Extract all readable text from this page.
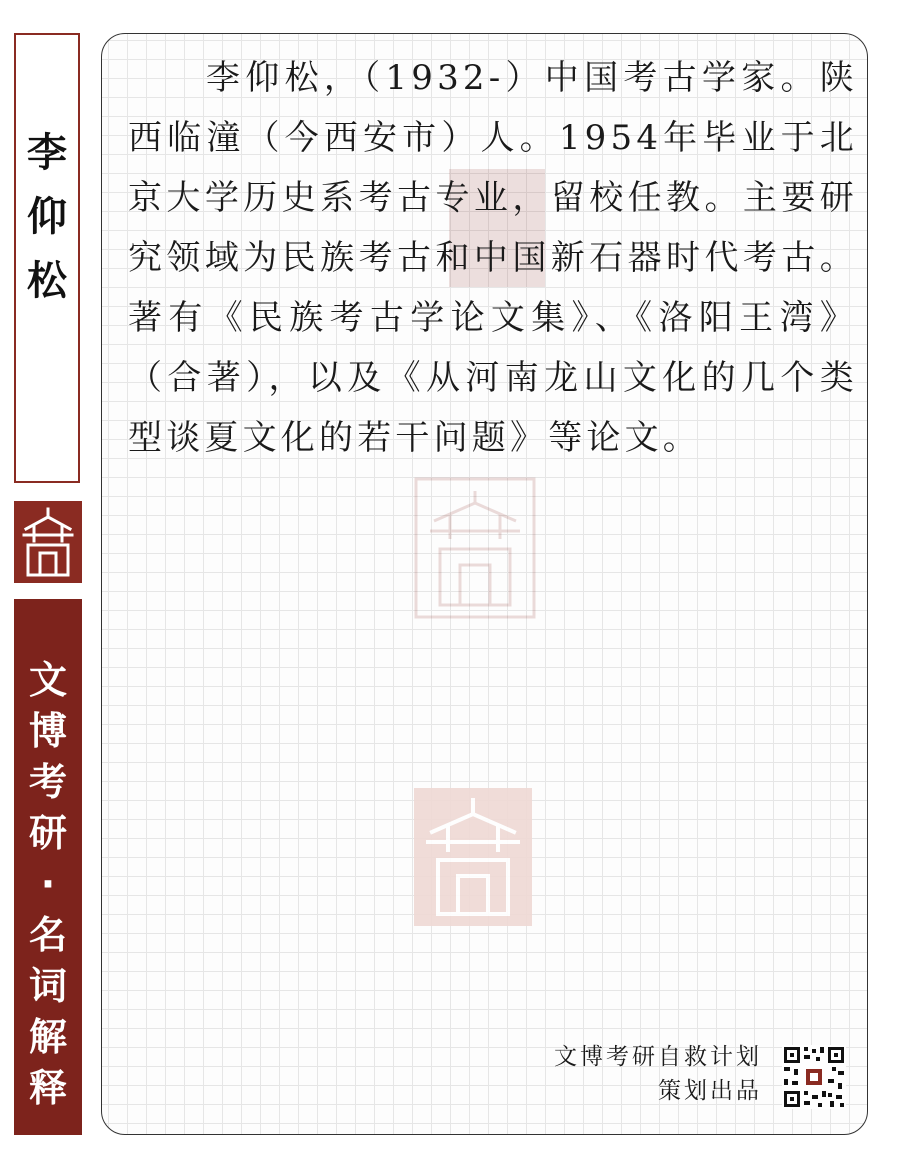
李
仰
松
文
博
考
研
·
名
词
解
释

李仰松，（1932-）中国考古学家。陕西临潼（今西安市）人。1954年毕业于北京大学历史系考古专业，留校任教。主要研究领域为民族考古和中国新石器时代考古。著有《民族考古学论文集》、《洛阳王湾》（合著），以及《从河南龙山文化的几个类型谈夏文化的若干问题》等论文。

文博考研自救计划
策划出品
